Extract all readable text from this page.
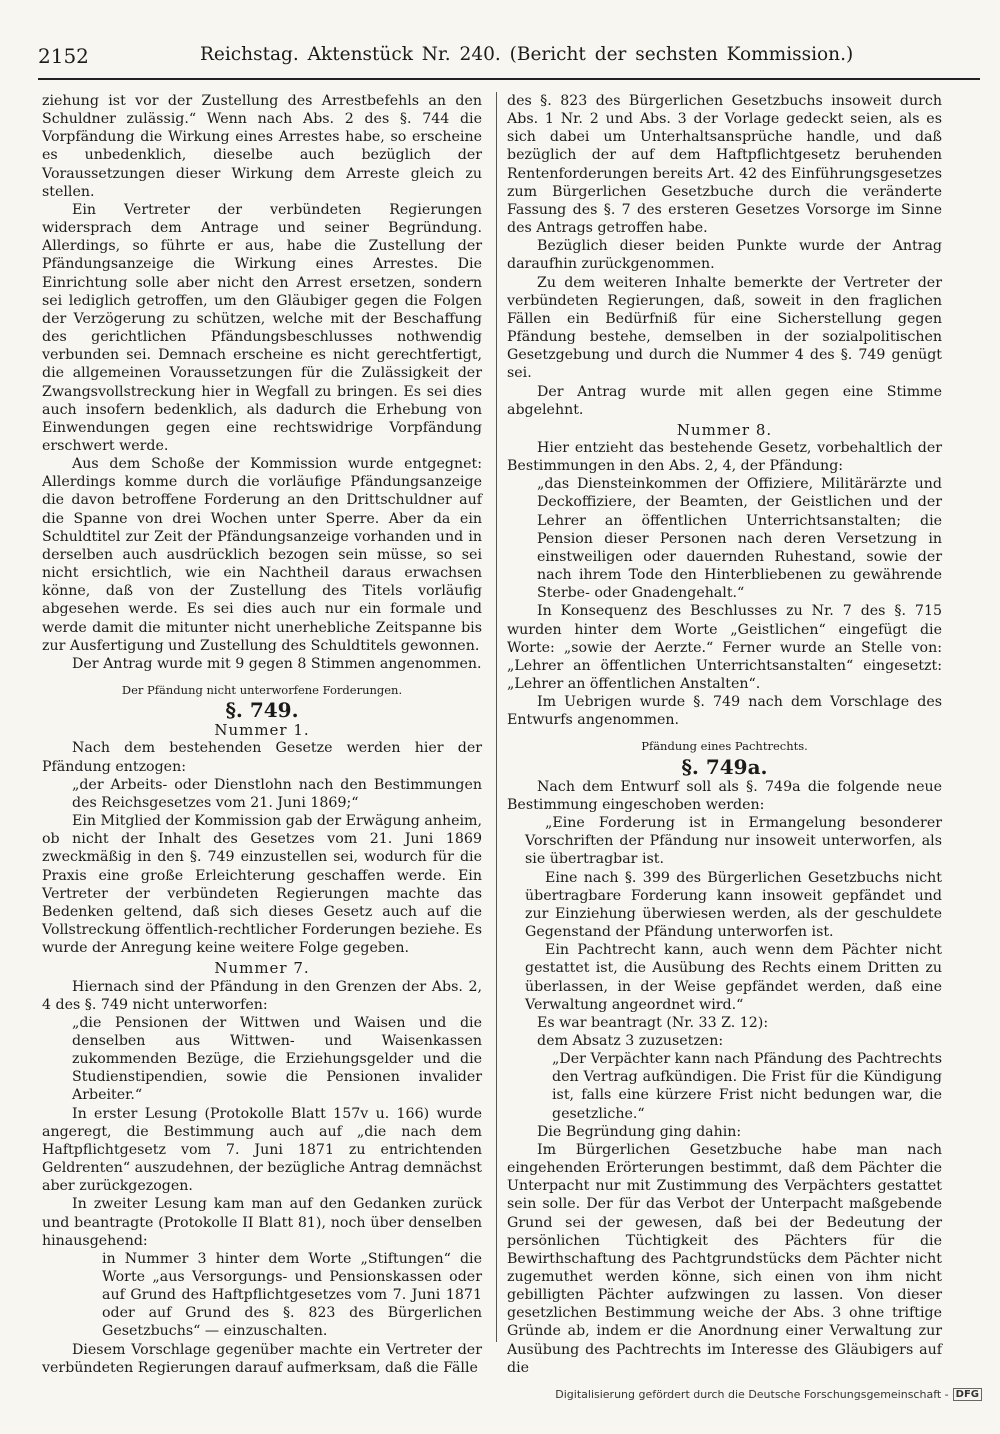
2152	Reichstag. Aktenstück Nr. 240. (Bericht der sechsten Kommission.)

ziehung ist vor der Zustellung des Arrestbefehls an den Schuldner zulässig.“ Wenn nach Abs. 2 des §. 744 die Vorpfändung die Wirkung eines Arrestes habe, so erscheine es unbedenklich, dieselbe auch bezüglich der Voraussetzungen dieser Wirkung dem Arreste gleich zu stellen.

Ein Vertreter der verbündeten Regierungen widersprach dem Antrage und seiner Begründung. Allerdings, so führte er aus, habe die Zustellung der Pfändungsanzeige die Wirkung eines Arrestes. Die Einrichtung solle aber nicht den Arrest ersetzen, sondern sei lediglich getroffen, um den Gläubiger gegen die Folgen der Verzögerung zu schützen, welche mit der Beschaffung des gerichtlichen Pfändungsbeschlusses nothwendig verbunden sei. Demnach erscheine es nicht gerechtfertigt, die allgemeinen Voraussetzungen für die Zulässigkeit der Zwangsvollstreckung hier in Wegfall zu bringen. Es sei dies auch insofern bedenklich, als dadurch die Erhebung von Einwendungen gegen eine rechtswidrige Vorpfändung erschwert werde.

Aus dem Schoße der Kommission wurde entgegnet: Allerdings komme durch die vorläufige Pfändungsanzeige die davon betroffene Forderung an den Drittschuldner auf die Spanne von drei Wochen unter Sperre. Aber da ein Schuldtitel zur Zeit der Pfändungsanzeige vorhanden und in derselben auch ausdrücklich bezogen sein müsse, so sei nicht ersichtlich, wie ein Nachtheil daraus erwachsen könne, daß von der Zustellung des Titels vorläufig abgesehen werde. Es sei dies auch nur ein formale und werde damit die mitunter nicht unerhebliche Zeitspanne bis zur Ausfertigung und Zustellung des Schuldtitels gewonnen.

Der Antrag wurde mit 9 gegen 8 Stimmen angenommen.

Der Pfändung nicht unterworfene Forderungen.
§. 749.
Nummer 1.

Nach dem bestehenden Gesetze werden hier der Pfändung entzogen:

„der Arbeits- oder Dienstlohn nach den Bestimmungen des Reichsgesetzes vom 21. Juni 1869;“

Ein Mitglied der Kommission gab der Erwägung anheim, ob nicht der Inhalt des Gesetzes vom 21. Juni 1869 zweckmäßig in den §. 749 einzustellen sei, wodurch für die Praxis eine große Erleichterung geschaffen werde. Ein Vertreter der verbündeten Regierungen machte das Bedenken geltend, daß sich dieses Gesetz auch auf die Vollstreckung öffentlich-rechtlicher Forderungen beziehe. Es wurde der Anregung keine weitere Folge gegeben.

Nummer 7.

Hiernach sind der Pfändung in den Grenzen der Abs. 2, 4 des §. 749 nicht unterworfen:

„die Pensionen der Wittwen und Waisen und die denselben aus Wittwen- und Waisenkassen zukommenden Bezüge, die Erziehungsgelder und die Studienstipendien, sowie die Pensionen invalider Arbeiter.“

In erster Lesung (Protokolle Blatt 157v u. 166) wurde angeregt, die Bestimmung auch auf „die nach dem Haftpflichtgesetz vom 7. Juni 1871 zu entrichtenden Geldrenten“ auszudehnen, der bezügliche Antrag demnächst aber zurückgezogen.

In zweiter Lesung kam man auf den Gedanken zurück und beantragte (Protokolle II Blatt 81), noch über denselben hinausgehend:

in Nummer 3 hinter dem Worte „Stiftungen“ die Worte „aus Versorgungs- und Pensionskassen oder auf Grund des Haftpflichtgesetzes vom 7. Juni 1871 oder auf Grund des §. 823 des Bürgerlichen Gesetzbuchs“ — einzuschalten.

Diesem Vorschlage gegenüber machte ein Vertreter der verbündeten Regierungen darauf aufmerksam, daß die Fälle

des §. 823 des Bürgerlichen Gesetzbuchs insoweit durch Abs. 1 Nr. 2 und Abs. 3 der Vorlage gedeckt seien, als es sich dabei um Unterhaltsansprüche handle, und daß bezüglich der auf dem Haftpflichtgesetz beruhenden Rentenforderungen bereits Art. 42 des Einführungsgesetzes zum Bürgerlichen Gesetzbuche durch die veränderte Fassung des §. 7 des ersteren Gesetzes Vorsorge im Sinne des Antrags getroffen habe.

Bezüglich dieser beiden Punkte wurde der Antrag daraufhin zurückgenommen.

Zu dem weiteren Inhalte bemerkte der Vertreter der verbündeten Regierungen, daß, soweit in den fraglichen Fällen ein Bedürfniß für eine Sicherstellung gegen Pfändung bestehe, demselben in der sozialpolitischen Gesetzgebung und durch die Nummer 4 des §. 749 genügt sei.

Der Antrag wurde mit allen gegen eine Stimme abgelehnt.

Nummer 8.

Hier entzieht das bestehende Gesetz, vorbehaltlich der Bestimmungen in den Abs. 2, 4, der Pfändung:

„das Diensteinkommen der Offiziere, Militärärzte und Deckoffiziere, der Beamten, der Geistlichen und der Lehrer an öffentlichen Unterrichtsanstalten; die Pension dieser Personen nach deren Versetzung in einstweiligen oder dauernden Ruhestand, sowie der nach ihrem Tode den Hinterbliebenen zu gewährende Sterbe- oder Gnadengehalt.“

In Konsequenz des Beschlusses zu Nr. 7 des §. 715 wurden hinter dem Worte „Geistlichen“ eingefügt die Worte: „sowie der Aerzte.“ Ferner wurde an Stelle von: „Lehrer an öffentlichen Unterrichtsanstalten“ eingesetzt: „Lehrer an öffentlichen Anstalten“.

Im Uebrigen wurde §. 749 nach dem Vorschlage des Entwurfs angenommen.

Pfändung eines Pachtrechts.
§. 749a.

Nach dem Entwurf soll als §. 749a die folgende neue Bestimmung eingeschoben werden:

„Eine Forderung ist in Ermangelung besonderer Vorschriften der Pfändung nur insoweit unterworfen, als sie übertragbar ist.

Eine nach §. 399 des Bürgerlichen Gesetzbuchs nicht übertragbare Forderung kann insoweit gepfändet und zur Einziehung überwiesen werden, als der geschuldete Gegenstand der Pfändung unterworfen ist.

Ein Pachtrecht kann, auch wenn dem Pächter nicht gestattet ist, die Ausübung des Rechts einem Dritten zu überlassen, in der Weise gepfändet werden, daß eine Verwaltung angeordnet wird.“

Es war beantragt (Nr. 33 Z. 12):

dem Absatz 3 zuzusetzen:

„Der Verpächter kann nach Pfändung des Pachtrechts den Vertrag aufkündigen. Die Frist für die Kündigung ist, falls eine kürzere Frist nicht bedungen war, die gesetzliche.“

Die Begründung ging dahin:

Im Bürgerlichen Gesetzbuche habe man nach eingehenden Erörterungen bestimmt, daß dem Pächter die Unterpacht nur mit Zustimmung des Verpächters gestattet sein solle. Der für das Verbot der Unterpacht maßgebende Grund sei der gewesen, daß bei der Bedeutung der persönlichen Tüchtigkeit des Pächters für die Bewirthschaftung des Pachtgrundstücks dem Pächter nicht zugemuthet werden könne, sich einen von ihm nicht gebilligten Pächter aufzwingen zu lassen. Von dieser gesetzlichen Bestimmung weiche der Abs. 3 ohne triftige Gründe ab, indem er die Anordnung einer Verwaltung zur Ausübung des Pachtrechts im Interesse des Gläubigers auf die

Digitalisierung gefördert durch die Deutsche Forschungsgemeinschaft - DFG
